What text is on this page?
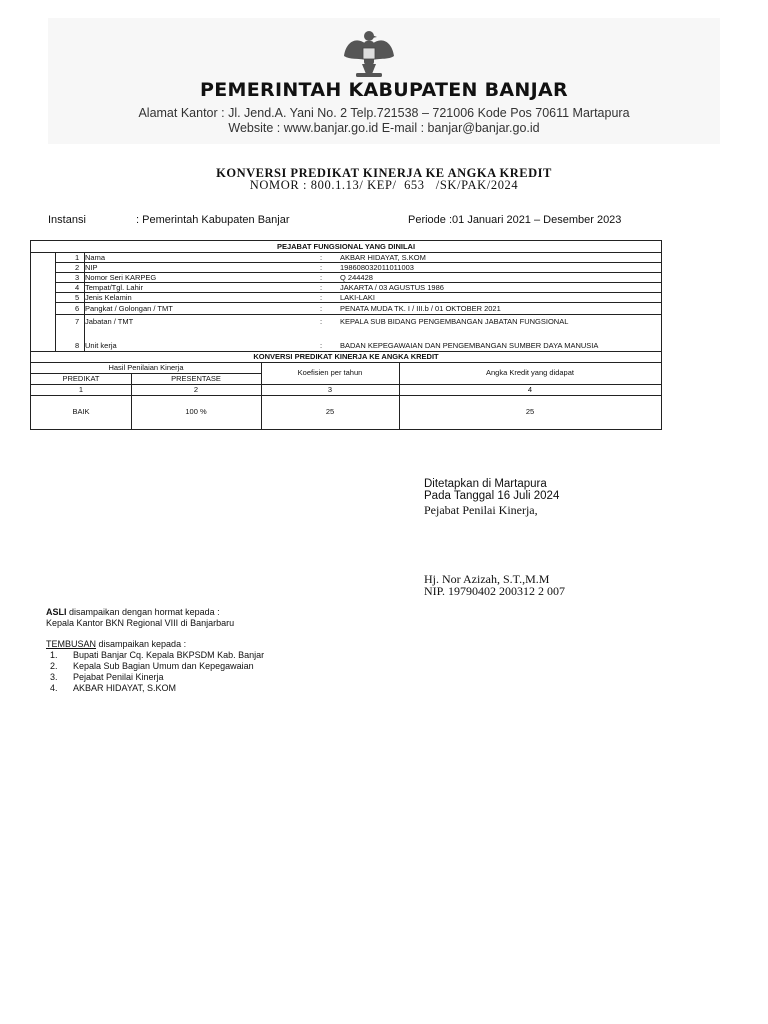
PEMERINTAH KABUPATEN BANJAR
Alamat Kantor : Jl. Jend.A. Yani No. 2 Telp.721538 – 721006 Kode Pos 70611 Martapura
Website : www.banjar.go.id E-mail : banjar@banjar.go.id
KONVERSI PREDIKAT KINERJA KE ANGKA KREDIT
NOMOR : 800.1.13/ KEP/  653   /SK/PAK/2024
Instansi	: Pemerintah Kabupaten Banjar	Periode :01 Januari 2021 – Desember 2023
PEJABAT FUNGSIONAL YANG DINILAI
1 Nama	: AKBAR HIDAYAT, S.KOM
2 NIP	: 198608032011011003
3 Nomor Seri KARPEG	: Q 244428
4 Tempat/Tgl. Lahir	: JAKARTA / 03 AGUSTUS 1986
5 Jenis Kelamin	: LAKI-LAKI
6 Pangkat / Golongan / TMT	: PENATA MUDA TK. I / III.b / 01 OKTOBER 2021
7 Jabatan / TMT	: KEPALA SUB BIDANG PENGEMBANGAN JABATAN FUNGSIONAL
8 Unit kerja	: BADAN KEPEGAWAIAN DAN PENGEMBANGAN SUMBER DAYA MANUSIA
KONVERSI PREDIKAT KINERJA KE ANGKA KREDIT
Hasil Penilaian Kinerja
PREDIKAT	PRESENTASE
Koefisien per tahun	Angka Kredit yang didapat
1	2	3	4
BAIK	100 %	25	25
Ditetapkan di Martapura
Pada Tanggal 16 Juli 2024
Pejabat Penilai Kinerja,
Hj. Nor Azizah, S.T.,M.M
NIP. 19790402 200312 2 007
ASLI disampaikan dengan hormat kepada :
Kepala Kantor BKN Regional VIII di Banjarbaru
TEMBUSAN disampaikan kepada :
1. Bupati Banjar Cq. Kepala BKPSDM Kab. Banjar
2. Kepala Sub Bagian Umum dan Kepegawaian
3. Pejabat Penilai Kinerja
4. AKBAR HIDAYAT, S.KOM
